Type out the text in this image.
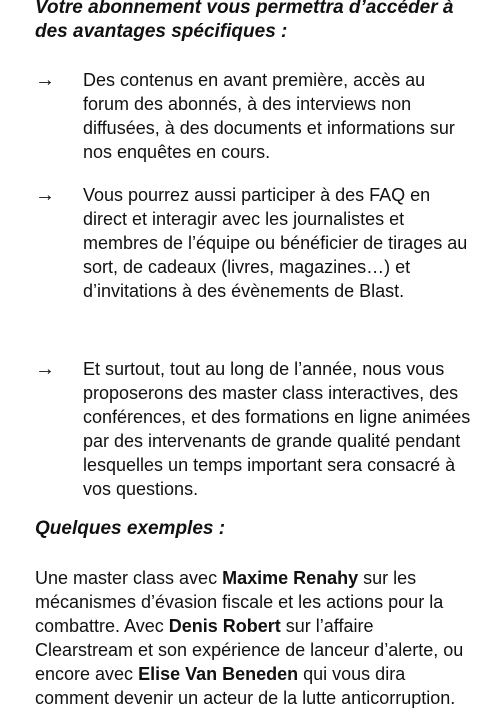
Votre abonnement vous permettra d’accéder à des avantages spécifiques :

→ Des contenus en avant première, accès au forum des abonnés, à des interviews non diffusées, à des documents et informations sur nos enquêtes en cours.

→ Vous pourrez aussi participer à des FAQ en direct et interagir avec les journalistes et membres de l’équipe ou bénéficier de tirages au sort, de cadeaux (livres, magazines…) et d’invitations à des évènements de Blast.

→ Et surtout, tout au long de l’année, nous vous proposerons des master class interactives, des conférences, et des formations en ligne animées par des intervenants de grande qualité pendant lesquelles un temps important sera consacré à vos questions.

Quelques exemples :

Une master class avec Maxime Renahy sur les mécanismes d’évasion fiscale et les actions pour la combattre. Avec Denis Robert sur l’affaire Clearstream et son expérience de lanceur d’alerte, ou encore avec Elise Van Beneden qui vous dira comment devenir un acteur de la lutte anticorruption.
